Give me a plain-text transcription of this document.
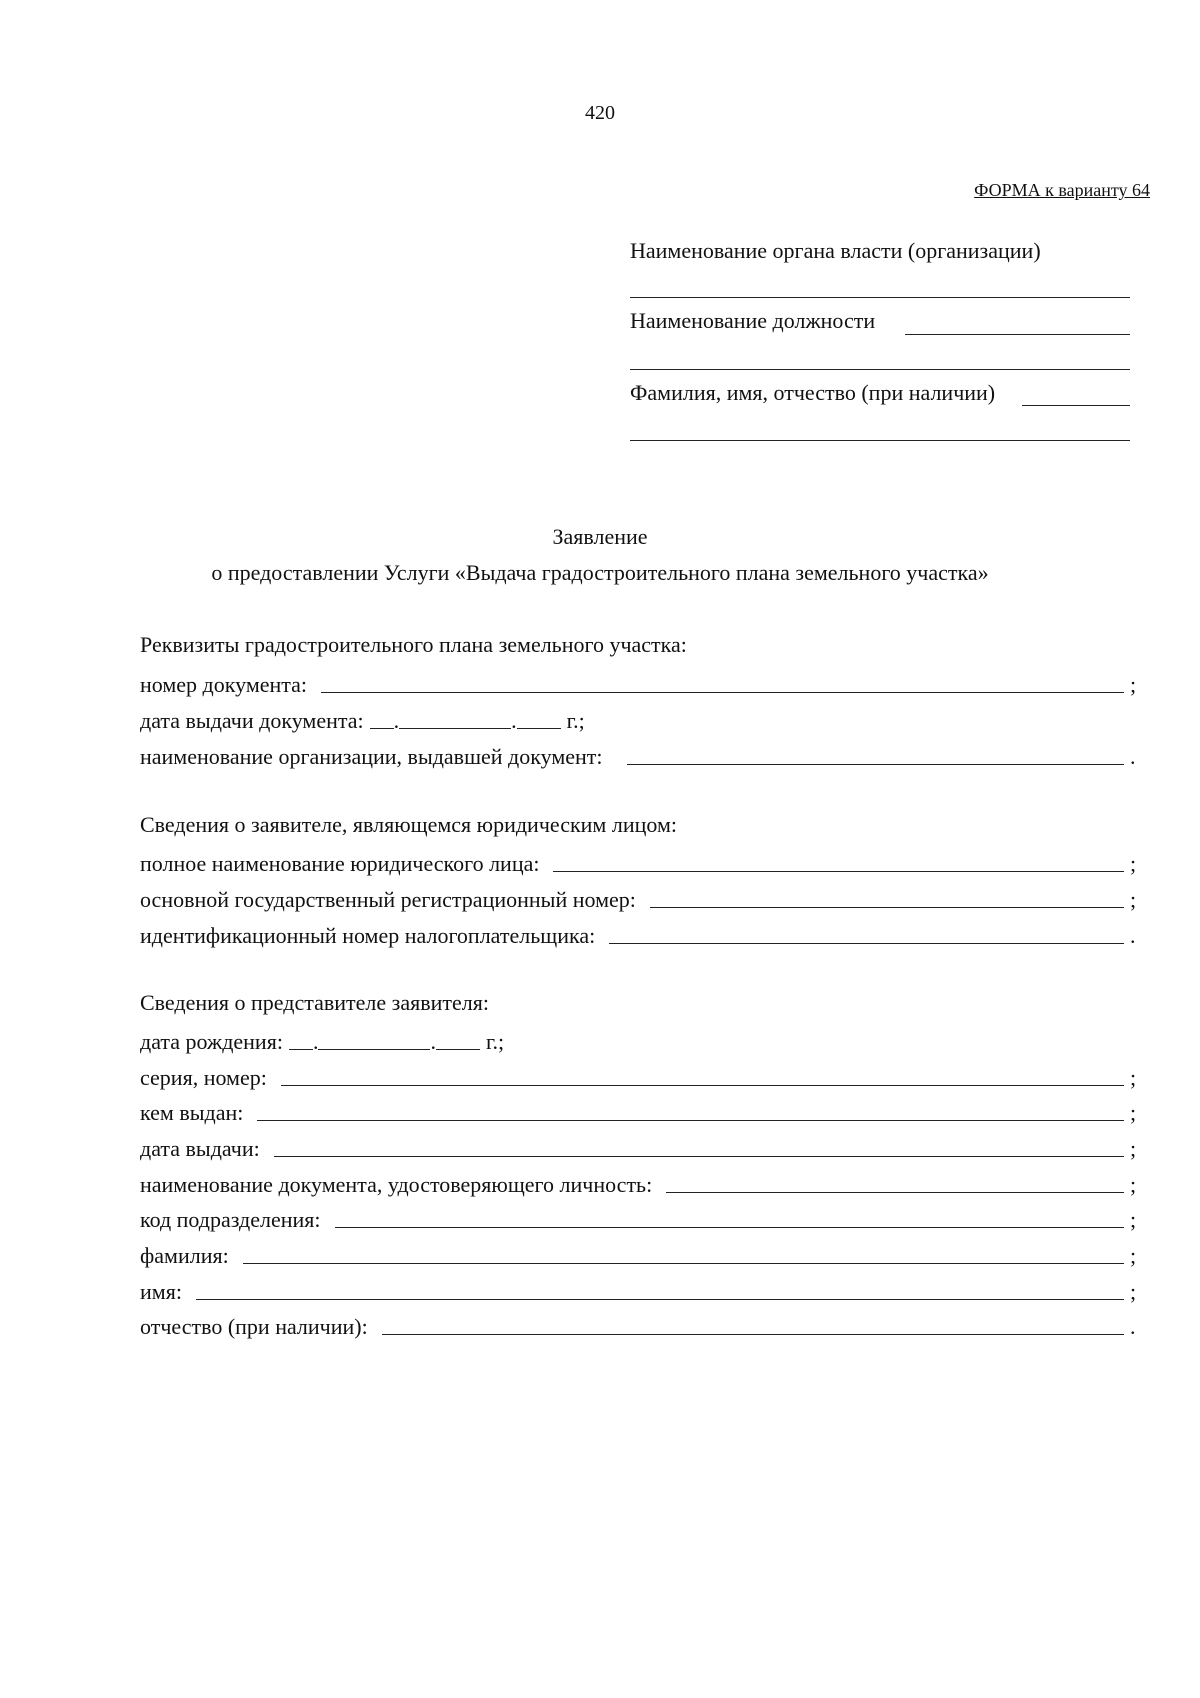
420
ФОРМА к варианту 64
Наименование органа власти (организации)
Наименование должности
Фамилия, имя, отчество (при наличии)
Заявление
о предоставлении Услуги «Выдача градостроительного плана земельного участка»
Реквизиты градостроительного плана земельного участка:
номер документа:	;
дата выдачи документа: .	. г.;
наименование организации, выдавшей документ:	.
Сведения о заявителе, являющемся юридическим лицом:
полное наименование юридического лица:	;
основной государственный регистрационный номер:	;
идентификационный номер налогоплательщика:	.
Сведения о представителе заявителя:
дата рождения: .	. г.;
серия, номер:	;
кем выдан:	;
дата выдачи:	;
наименование документа, удостоверяющего личность:	;
код подразделения:	;
фамилия:	;
имя:	;
отчество (при наличии):	.
